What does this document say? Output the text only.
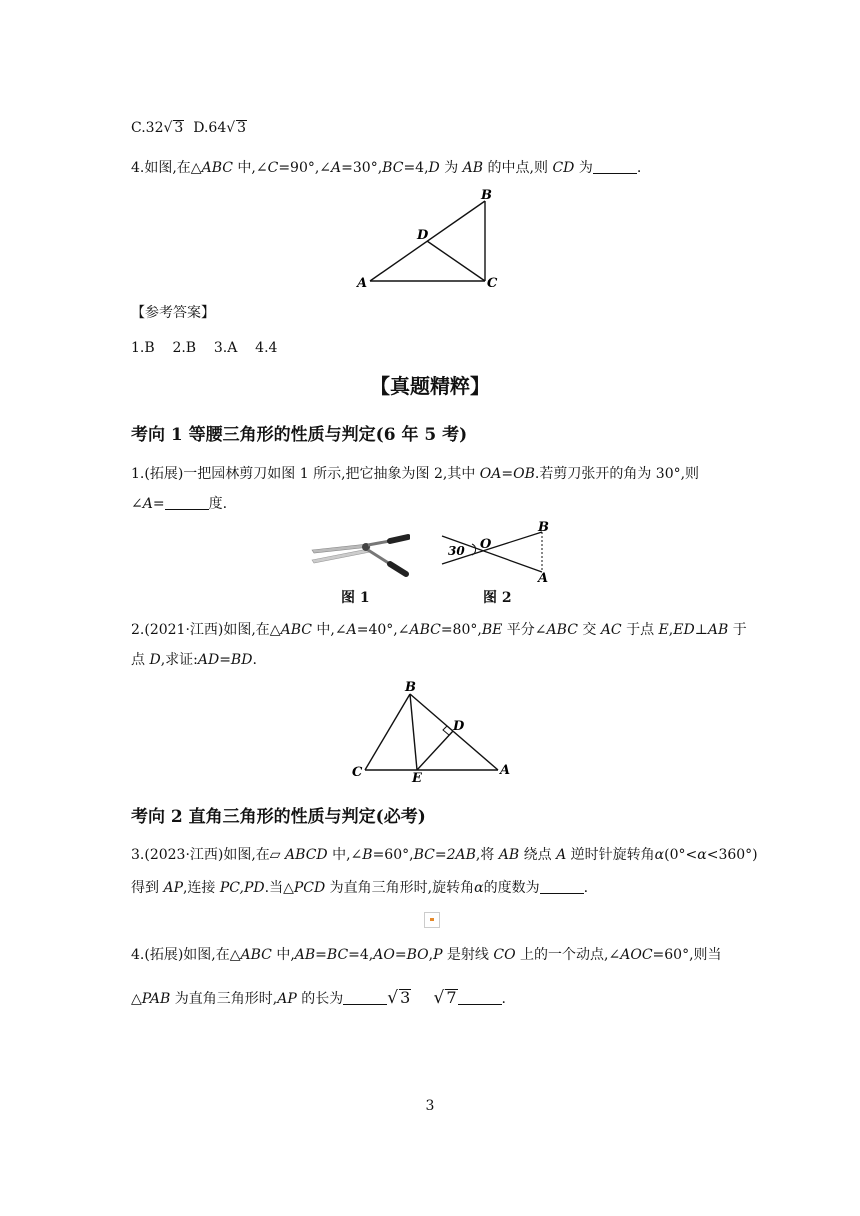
C.32√ 3 D.64√ 3
4.如图,在△ABC 中,∠C=90°,∠A=30°,BC=4,D 为 AB 的中点,则 CD 为	.
A
B
C
D
【参考答案】
1.B    2.B    3.A    4.4
【真题精粹】
考向 1 等腰三角形的性质与判定(6 年 5 考)
1.(拓展)一把园林剪刀如图 1 所示,把它抽象为图 2,其中 OA=OB.若剪刀张开的角为 30°,则
∠A=	度.
30 O
B
A
图 1	图 2
2.(2021·江西)如图,在△ABC 中,∠A=40°,∠ABC=80°,BE 平分∠ABC 交 AC 于点 E,ED⊥AB 于
点 D,求证:AD=BD.
C
B
A
D
E
考向 2 直角三角形的性质与判定(必考)
3.(2023·江西)如图,在▱ ABCD 中,∠B=60°,BC=2AB,将 AB 绕点 A 逆时针旋转角α(0°<α<360°)
得到 AP,连接 PC,PD.当△PCD 为直角三角形时,旋转角α的度数为	.
4.(拓展)如图,在△ABC 中,AB=BC=4,AO=BO,P 是射线 CO 上的一个动点,∠AOC=60°,则当
△PAB 为直角三角形时,AP 的长为	√ 3 √ 7	.
3
